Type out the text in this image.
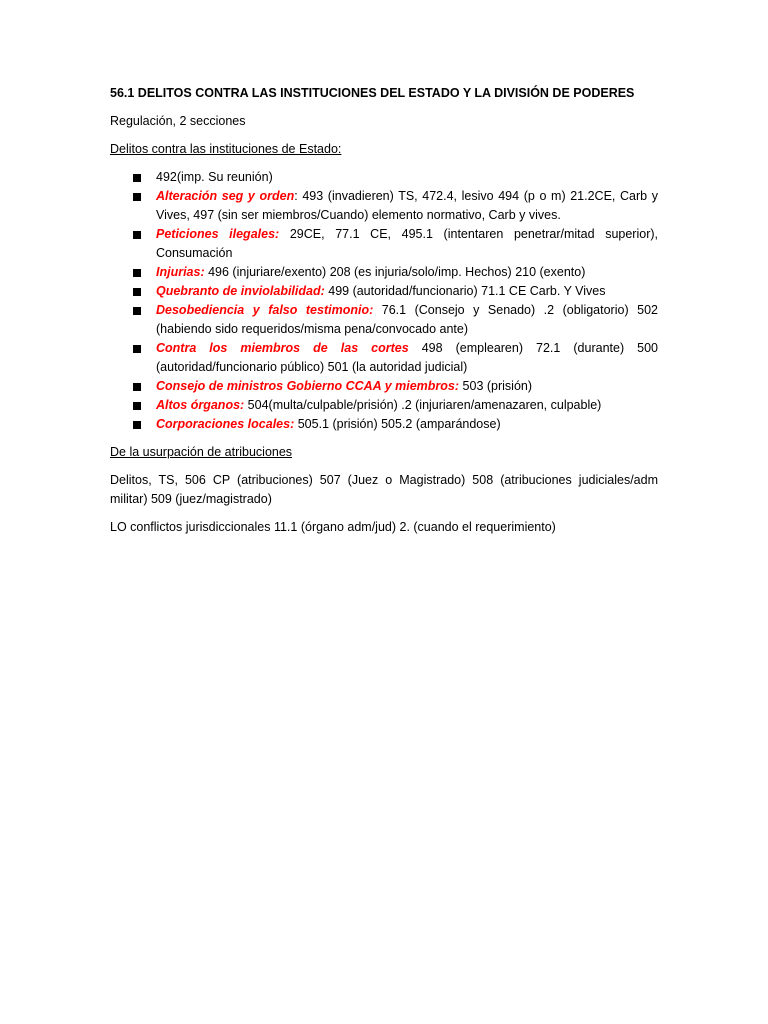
56.1 DELITOS CONTRA LAS INSTITUCIONES DEL ESTADO Y LA DIVISIÓN DE PODERES
Regulación, 2 secciones
Delitos contra las instituciones de Estado:
492(imp. Su reunión)
Alteración seg y orden: 493 (invadieren) TS, 472.4, lesivo 494 (p o m) 21.2CE, Carb y Vives, 497 (sin ser miembros/Cuando) elemento normativo, Carb y vives.
Peticiones ilegales: 29CE, 77.1 CE, 495.1 (intentaren penetrar/mitad superior), Consumación
Injurias: 496 (injuriare/exento) 208 (es injuria/solo/imp. Hechos) 210 (exento)
Quebranto de inviolabilidad: 499 (autoridad/funcionario) 71.1 CE Carb. Y Vives
Desobediencia y falso testimonio: 76.1 (Consejo y Senado) .2 (obligatorio) 502 (habiendo sido requeridos/misma pena/convocado ante)
Contra los miembros de las cortes 498 (emplearen) 72.1 (durante) 500 (autoridad/funcionario público) 501 (la autoridad judicial)
Consejo de ministros Gobierno CCAA y miembros: 503 (prisión)
Altos órganos: 504(multa/culpable/prisión) .2 (injuriaren/amenazaren, culpable)
Corporaciones locales: 505.1 (prisión) 505.2 (amparándose)
De la usurpación de atribuciones
Delitos, TS, 506 CP (atribuciones) 507 (Juez o Magistrado) 508 (atribuciones judiciales/adm militar) 509 (juez/magistrado)
LO conflictos jurisdiccionales 11.1 (órgano adm/jud) 2. (cuando el requerimiento)
